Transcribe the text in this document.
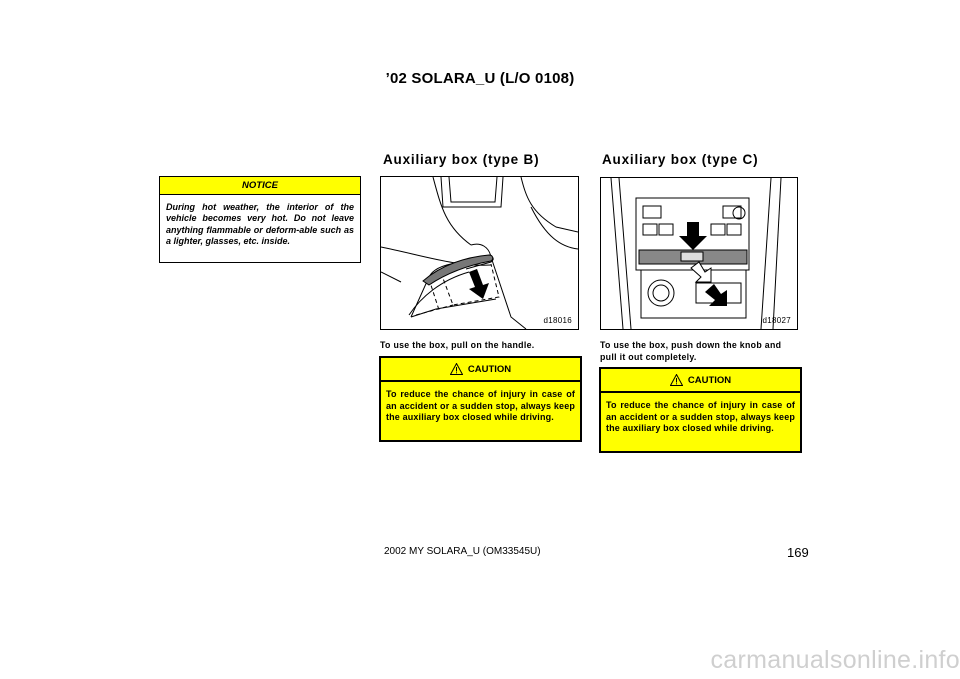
’02 SOLARA_U (L/O 0108)
NOTICE
During hot weather, the interior of the vehicle becomes very hot. Do not leave anything flammable or deform-able such as a lighter, glasses, etc. inside.
Auxiliary box (type B)
d18016
To use the box, pull on the handle.
CAUTION
To reduce the chance of injury in case of an accident or a sudden stop, always keep the auxiliary box closed while driving.
Auxiliary box (type C)
d18027
To use the box, push down the knob and pull it out completely.
CAUTION
To reduce the chance of injury in case of an accident or a sudden stop, always keep the auxiliary box closed while driving.
2002 MY SOLARA_U (OM33545U)	169
carmanualsonline.info
